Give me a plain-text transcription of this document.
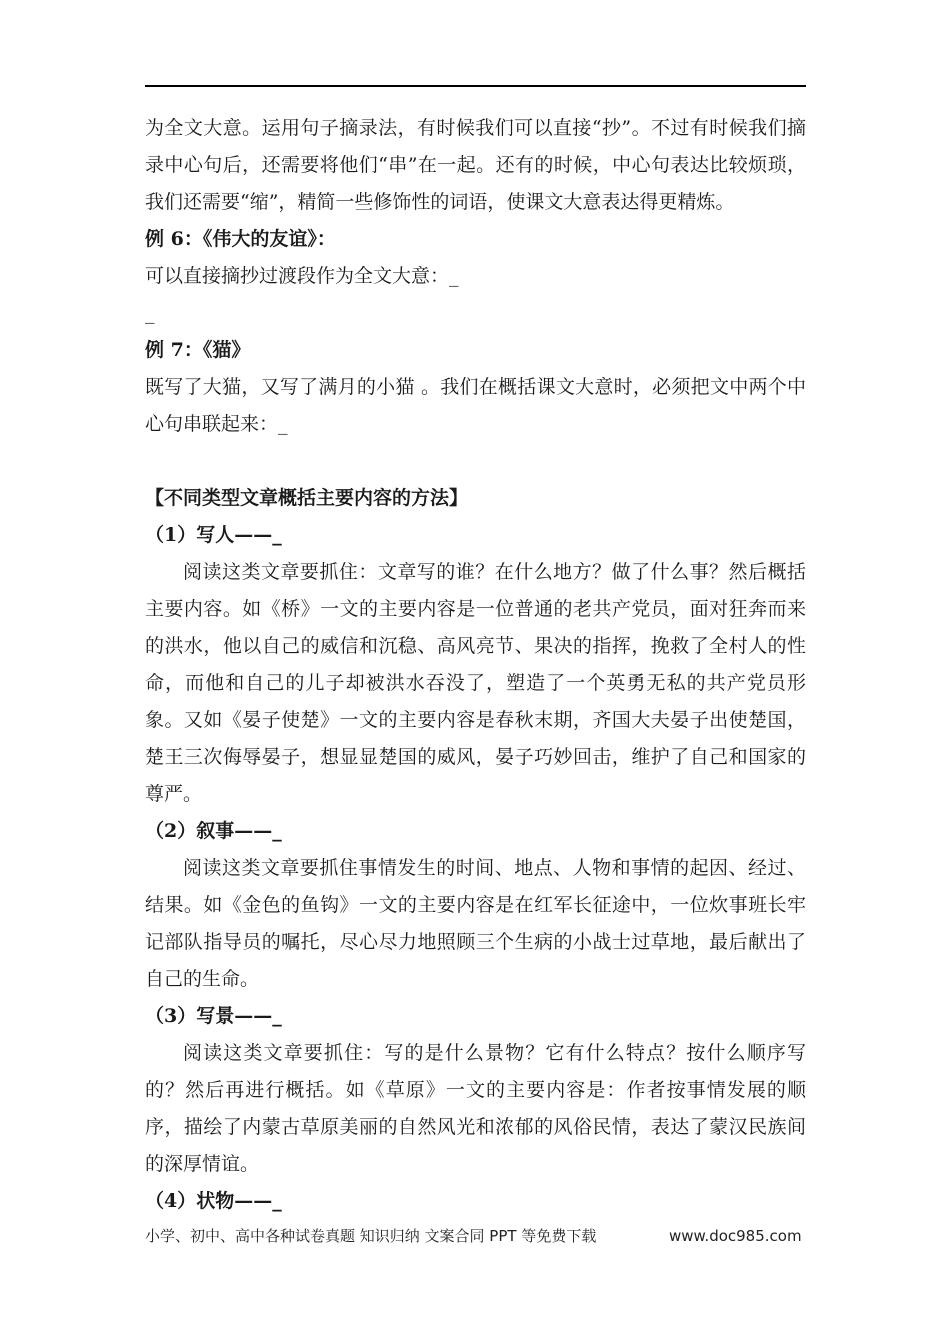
为全文大意。运用句子摘录法，有时候我们可以直接“抄”。不过有时候我们摘录中心句后，还需要将他们“串”在一起。还有的时候，中心句表达比较烦琐，我们还需要“缩”，精简一些修饰性的词语，使课文大意表达得更精炼。

例 6：《伟大的友谊》：

可以直接摘抄过渡段作为全文大意：_

_

例 7：《猫》

既写了大猫，又写了满月的小猫 。我们在概括课文大意时，必须把文中两个中心句串联起来：_

【不同类型文章概括主要内容的方法】

（1）写人——_

阅读这类文章要抓住：文章写的谁？在什么地方？做了什么事？然后概括主要内容。如《桥》一文的主要内容是一位普通的老共产党员，面对狂奔而来的洪水，他以自己的威信和沉稳、高风亮节、果决的指挥，挽救了全村人的性命，而他和自己的儿子却被洪水吞没了，塑造了一个英勇无私的共产党员形象。又如《晏子使楚》一文的主要内容是春秋末期，齐国大夫晏子出使楚国，楚王三次侮辱晏子，想显显楚国的威风，晏子巧妙回击，维护了自己和国家的尊严。

（2）叙事——_

阅读这类文章要抓住事情发生的时间、地点、人物和事情的起因、经过、结果。如《金色的鱼钩》一文的主要内容是在红军长征途中，一位炊事班长牢记部队指导员的嘱托，尽心尽力地照顾三个生病的小战士过草地，最后献出了自己的生命。

（3）写景——_

阅读这类文章要抓住：写的是什么景物？它有什么特点？按什么顺序写的？然后再进行概括。如《草原》一文的主要内容是：作者按事情发展的顺序，描绘了内蒙古草原美丽的自然风光和浓郁的风俗民情，表达了蒙汉民族间的深厚情谊。

（4）状物——_

小学、初中、高中各种试卷真题 知识归纳 文案合同 PPT 等免费下载	www.doc985.com
